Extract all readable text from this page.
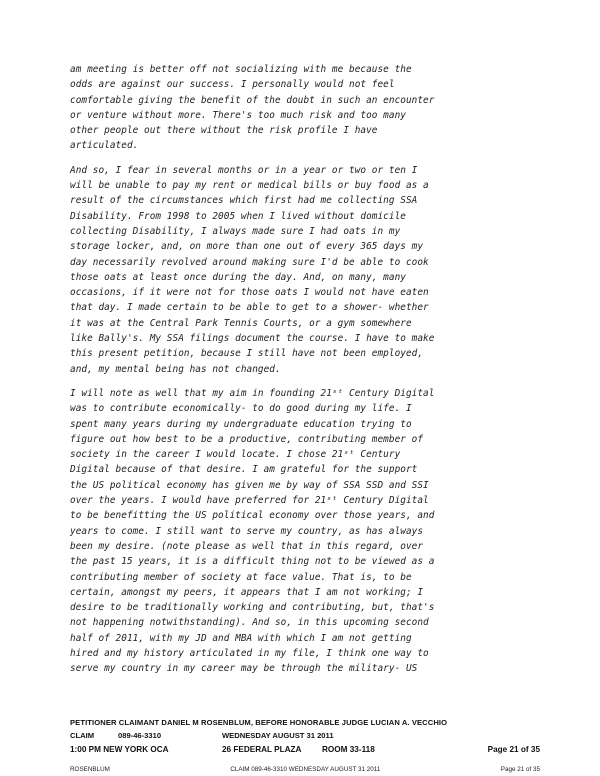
am meeting is better off not socializing with me because the
odds are against our success. I personally would not feel
comfortable giving the benefit of the doubt in such an encounter
or venture without more. There's too much risk and too many
other people out there without the risk profile I have
articulated.

And so, I fear in several months or in a year or two or ten I
will be unable to pay my rent or medical bills or buy food as a
result of the circumstances which first had me collecting SSA
Disability. From 1998 to 2005 when I lived without domicile
collecting Disability, I always made sure I had oats in my
storage locker, and, on more than one out of every 365 days my
day necessarily revolved around making sure I'd be able to cook
those oats at least once during the day. And, on many, many
occasions, if it were not for those oats I would not have eaten
that day. I made certain to be able to get to a shower- whether
it was at the Central Park Tennis Courts, or a gym somewhere
like Bally's. My SSA filings document the course. I have to make
this present petition, because I still have not been employed,
and, my mental being has not changed.

I will note as well that my aim in founding 21ˢᵗ Century Digital
was to contribute economically- to do good during my life. I
spent many years during my undergraduate education trying to
figure out how best to be a productive, contributing member of
society in the career I would locate. I chose 21ˢᵗ Century
Digital because of that desire. I am grateful for the support
the US political economy has given me by way of SSA SSD and SSI
over the years. I would have preferred for 21ˢᵗ Century Digital
to be benefitting the US political economy over those years, and
years to come. I still want to serve my country, as has always
been my desire. (note please as well that in this regard, over
the past 15 years, it is a difficult thing not to be viewed as a
contributing member of society at face value. That is, to be
certain, amongst my peers, it appears that I am not working; I
desire to be traditionally working and contributing, but, that's
not happening notwithstanding). And so, in this upcoming second
half of 2011, with my JD and MBA with which I am not getting
hired and my history articulated in my file, I think one way to
serve my country in my career may be through the military- US

PETITIONER CLAIMANT DANIEL M ROSENBLUM, BEFORE HONORABLE JUDGE LUCIAN A. VECCHIO
CLAIM	089-46-3310	WEDNESDAY AUGUST 31 2011
1:00 PM NEW YORK OCA	26 FEDERAL PLAZA	ROOM 33-118	Page 21 of 35
ROSENBLUM	CLAIM 089-46-3310 WEDNESDAY AUGUST 31 2011	Page 21 of 35
